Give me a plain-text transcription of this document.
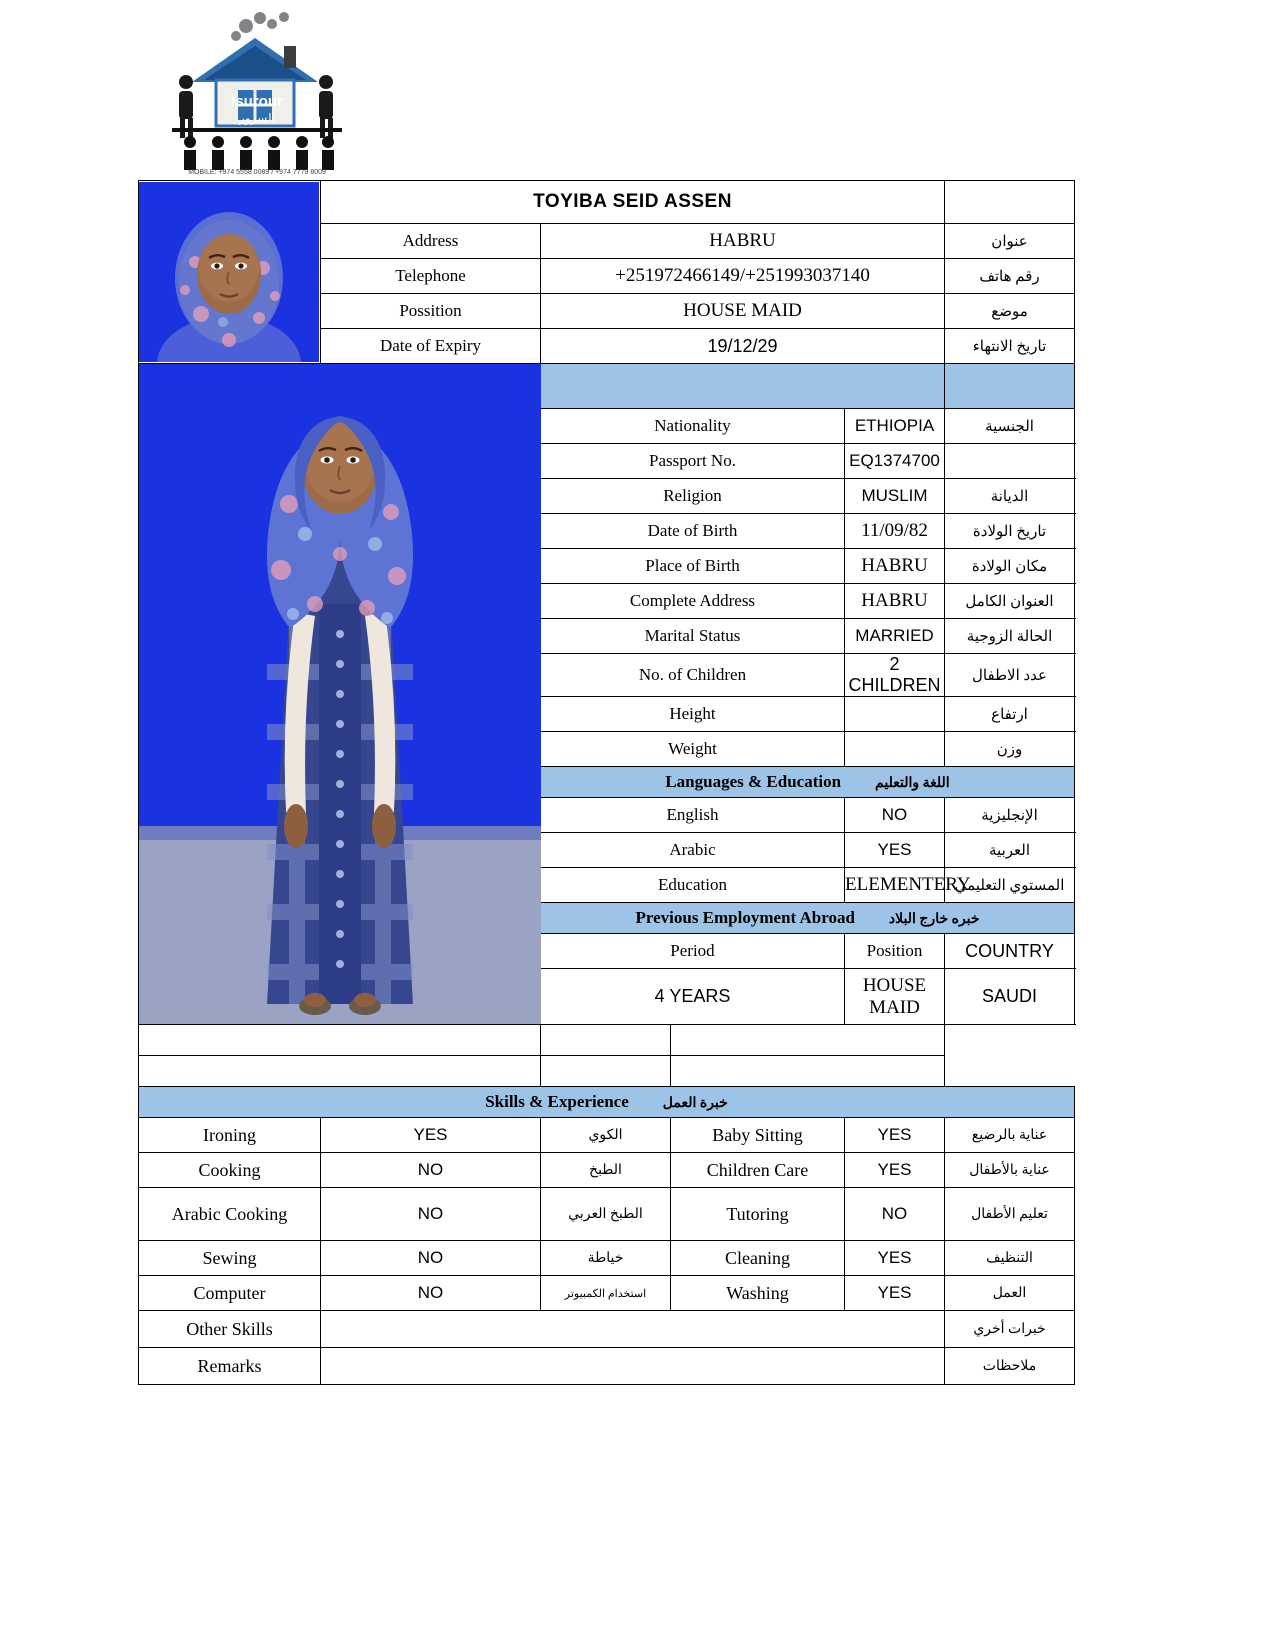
Isurour
السرور
MOBILE: +974 5558 0089 / +974 7779 8009
	TOYIBA SEID ASSEN				
	Address	HABRU			عنوان
	Telephone	+251972466149/+251993037140			رقم هاتف
	Possition	HOUSE MAID			موضع
	Date of Expiry	19/12/29			تاريخ الانتهاء

		Nationality		ETHIOPIA	الجنسية
		Passport No.		EQ1374700	
		Religion		MUSLIM	الديانة
		Date of Birth		11/09/82	تاريخ الولادة
		Place of Birth		HABRU	مكان الولادة
		Complete Address		HABRU	العنوان الكامل
		Marital Status		MARRIED	الحالة الزوجية
		No. of Children		2 CHILDREN	عدد الاطفال
		Height			ارتفاع
		Weight			وزن
		Languages & Education اللغة والتعليم			
		English		NO	الإنجليزية
		Arabic		YES	العربية
		Education		ELEMENTERY	المستوي التعليمي
		Previous Employment Abroad خبره خارج البلاد			
		Period		Position	COUNTRY
		4 YEARS		HOUSE MAID	SAUDI

Skills & Experience خبرة العمل					
Ironing	YES	الكوي	Baby Sitting	YES	عناية بالرضيع
Cooking	NO	الطبخ	Children Care	YES	عناية بالأطفال
Arabic Cooking	NO	الطبخ العربي	Tutoring	NO	تعليم الأطفال
Sewing	NO	خياطة	Cleaning	YES	التنظيف
Computer	NO	استخدام الكمبيوتر	Washing	YES	العمل
Other Skills					خبرات أخري
Remarks					ملاحظات
